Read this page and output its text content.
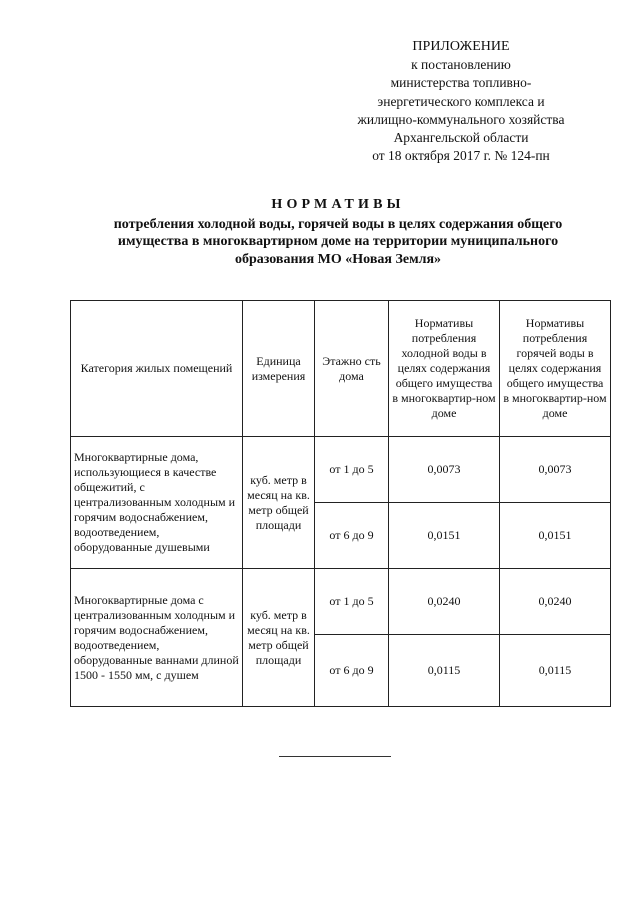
ПРИЛОЖЕНИЕ
к постановлению
министерства топливно-
энергетического комплекса и
жилищно-коммунального хозяйства
Архангельской области
от 18 октября 2017 г. № 124-пн
НОРМАТИВЫ
потребления холодной воды, горячей воды в целях содержания общего
имущества в многоквартирном доме на территории муниципального
образования МО «Новая Земля»
Категория жилых помещений	Единица измерения	Этажно сть дома	Нормативы потребления холодной воды в целях содержания общего имущества в многоквартир-ном доме	Нормативы потребления горячей воды в целях содержания общего имущества в многоквартир-ном доме
Многоквартирные дома, использующиеся в качестве общежитий, с централизованным холодным и горячим водоснабжением, водоотведением, оборудованные душевыми	куб. метр в месяц на кв. метр общей площади	от 1 до 5	0,0073	0,0073
		от 6 до 9	0,0151	0,0151
Многоквартирные дома с централизованным холодным и горячим водоснабжением, водоотведением, оборудованные ваннами длиной 1500 - 1550 мм, с душем	куб. метр в месяц на кв. метр общей площади	от 1 до 5	0,0240	0,0240
		от 6 до 9	0,0115	0,0115
